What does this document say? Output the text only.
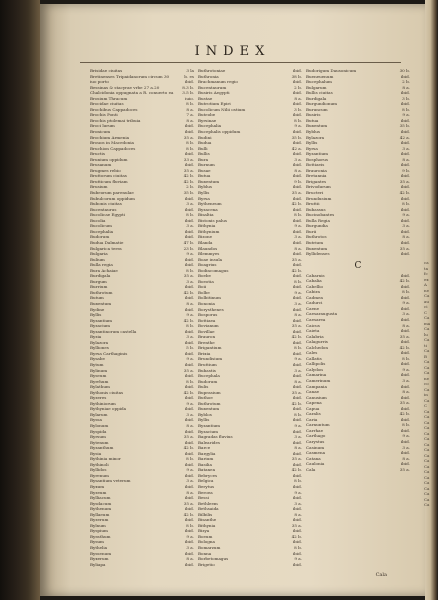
INDEX
Brisidae ciuitas	3 la
Bretinenses Tripaidanorum circum 30	b. es
iuo porto	ibid.
Bessinas & stacyrae vrbe 27 a.20	8.3 b.
Chalcidonia oppugnata a R. conuerto ea	3.5 b.
Brosium Thracum	iuio.
Brocidae ciuitas	8 b.
Brochibus Cappadoces	8 a.
Brochis Ponti	7 a.
Brochis ptolemai tribuia	8 a.
Broci lurum	ibid.
Bronicum	ibid.
Brochium Armenia	35 a.
Brouos in Macedonia	8 b.
Bruchion Cappadoces	8 b.
Bructis	ibid.
Brunium oppidum	33 a.
Brusanum	ibid.
Brugmes rebio	35 a.
Bruttorum ciuitas	42 b.
Brutticum fluviam	42 b.
Brusium	2 b.
Bubeorum parenulae	35 b.
Bubulcorum oppidum	ibid.
Bubonis ciuitas	3 a.
Bucentaurus	ibid.
Bucolicae Egypti	8 b.
Bucolia	ibid.
Bucolicum	3 a.
Bucephalia	ibid.
Budorum	ibid.
Budua Dalmatie	47 b.
Bulgarica terra	23 b.
Bulgaria	9 a.
Bulium	ibid.
Bulla regia	ibid.
Bura Achaiae	8 b.
Burdigala	35 a.
Burgum	3 a.
Burrium	ibid.
Buthrotum	42 b.
Butum	ibid.
Buxentum	8 a.
Bydine	ibid.
Byllis	9 a.
Byzantium	42 b.
Byzacium	8 b.
Byzantinorum castella	ibid.
Byzia	3 a.
Bylazora	ibid.
Bylliones	5 b.
Byrsa Carthaginis	ibid.
Bysabe	9 a.
Bytum	ibid.
Bylinum	35 a.
Byseum	ibid.
Byrrhum	8 b.
Bylathum	ibid.
Bythonis ciuitas	42 b.
Byzeres	ibid.
Bythiniorum	9 a.
Bythyniae oppida	ibid.
Bylarum	3 a.
Byssa	ibid.
Bylonum	8 a.
Byspida	ibid.
Byrsum	35 a.
Bytenum	ibid.
Byzanthum	42 b.
Bysia	ibid.
Bythinia minor	8 b.
Bythinoli	ibid.
Byllidos	9 a.
Byrenum	ibid.
Bysantium veterum	3 a.
Byxum	ibid.
Byzeum	8 a.
Bylliacum	ibid.
Bysdacum	35 a.
Bythenum	ibid.
Byllaeum	42 b.
Byzerum	ibid.
Bylnum	8 b.
Byspium	ibid.
Byrathum	9 a.
Bysum	ibid.
Bythelia	3 a.
Byssenum	ibid.
Byxerum	8 a.
Byliapa	ibid.
Buthrotoniae	ibid.
Buthronia	38 b.
Brachmanum regio	ibid.
Bucentaurum	2 b.
Busiris Aegypti	ibid.
Bustae	8 a.
Butrotium Epiri	ibid.
Bucolicum Nilii ostium	3 b.
Buteobe	ibid.
Byrsinae	8 b.
Bucephalia	9 a.
Bucephalis oppidum	ibid.
Budini	35 b.
Budua	ibid.
Bulli	42 a.
Bullis	ibid.
Bura	3 a.
Burnum	ibid.
Busae	8 a.
Butua	ibid.
Buxentum	9 b.
Byblus	ibid.
Byllis	35 a.
Byrsa	ibid.
Bytheneum	42 b.
Byzacena	ibid.
Bisaltia	8 b.
Bistonis palus	ibid.
Bithynia	9 a.
Bithynium	ibid.
Bizone	3 a.
Blanda	ibid.
Blaundos	8 a.
Blemmyes	ibid.
Boae insula	35 a.
Boagrius	ibid.
Bodincomagus	42 b.
Boebe	ibid.
Boeotia	8 b.
Boii	ibid.
Bolbe	9 a.
Bolbitinum	ibid.
Bononia	3 a.
Borysthenes	ibid.
Bosporus	8 a.
Bottiaea	ibid.
Bovianum	35 a.
Bovillae	ibid.
Brauron	42 b.
Brenthe	ibid.
Brigantium	8 b.
Brixia	ibid.
Brundisium	9 a.
Bruttium	ibid.
Bubastis	3 a.
Bucephala	ibid.
Budorum	8 a.
Bulis	ibid.
Buprasium	35 a.
Buthoe	ibid.
Buthrotum	42 b.
Buxentum	ibid.
Byblos	8 b.
Byllis	ibid.
Byzantium	9 a.
Byzacium	ibid.
Bagradas fluvius	3 a.
Balearides	ibid.
Barce	8 a.
Bargylia	ibid.
Barium	35 a.
Basilia	ibid.
Batanea	42 b.
Bebryces	ibid.
Belgica	8 b.
Berytus	ibid.
Beroea	9 a.
Bessi	ibid.
Bethleem	3 a.
Bethsaida	ibid.
Bilbilis	8 a.
Bisanthe	ibid.
Bithynia	35 a.
Bizya	ibid.
Boeum	42 b.
Bologna	ibid.
Bomarzum	8 b.
Bonna	ibid.
Borbetomagus	9 a.
Brigetio	ibid.
Budorigum Dausonicum	30 b.
Bueneuenum	ibid.
Bucephalum	2 b.
Bulgarum	8 a.
Bullis ciuitas	ibid.
Burdigala	3 b.
Burgundionum	ibid.
Buruncum	8 b.
Busiris	9 a.
Butua	ibid.
Buxentum	35 b.
Byblus	ibid.
Bylazora	42 a.
Byllis	ibid.
Byrsa	3 a.
Byzantium	ibid.
Bosphorus	8 a.
Bottiaeis	ibid.
Brauronia	9 b.
Bretannia	ibid.
Brigantes	35 a.
Brivodurum	ibid.
Bructeri	42 b.
Brundusium	ibid.
Bruttii	8 b.
Bubassus	ibid.
Bucinobantes	9 a.
Bulla Regia	ibid.
Burgundia	3 a.
Burii	ibid.
Buthrotos	8 a.
Butrium	ibid.
Buxentum	35 a.
Byllidenses	ibid.
C
Cabarnis	ibid.
Cabalia	42 b.
Cabellio	ibid.
Cabira	8 b.
Cadmea	ibid.
Cadurci	9 a.
Caene	ibid.
Caesaraugusta	3 a.
Caesarea	ibid.
Caicus	8 a.
Caieta	ibid.
Calabria	35 a.
Calagurris	ibid.
Calchedon	42 b.
Cales	ibid.
Callatis	8 b.
Callipolis	ibid.
Calydon	9 a.
Camarina	ibid.
Camerinum	3 a.
Campania	ibid.
Canae	8 a.
Canusium	ibid.
Capena	35 a.
Capua	ibid.
Caralis	42 b.
Caria	ibid.
Carnuntum	8 b.
Carrhae	ibid.
Carthago	9 a.
Carystus	ibid.
Casinum	3 a.
Casmena	ibid.
Catana	8 a.
Caulonia	ibid.
Cala	35 a.
Cala
ca
ta
fc
ex
A
ne
Ca
au
ci
C
Ca
ma
Ca
lu
Ca
ti
Ca
B
Ca
Ca
Ca
ne
co
Ca
in
Ca
C
Ca
Ca
Ca
Ca
Ca
Ca
Ca
Ca
Ca
Ca
Ca
Ca
Ca
Ca
Ca
Ca
Ca
Ca
